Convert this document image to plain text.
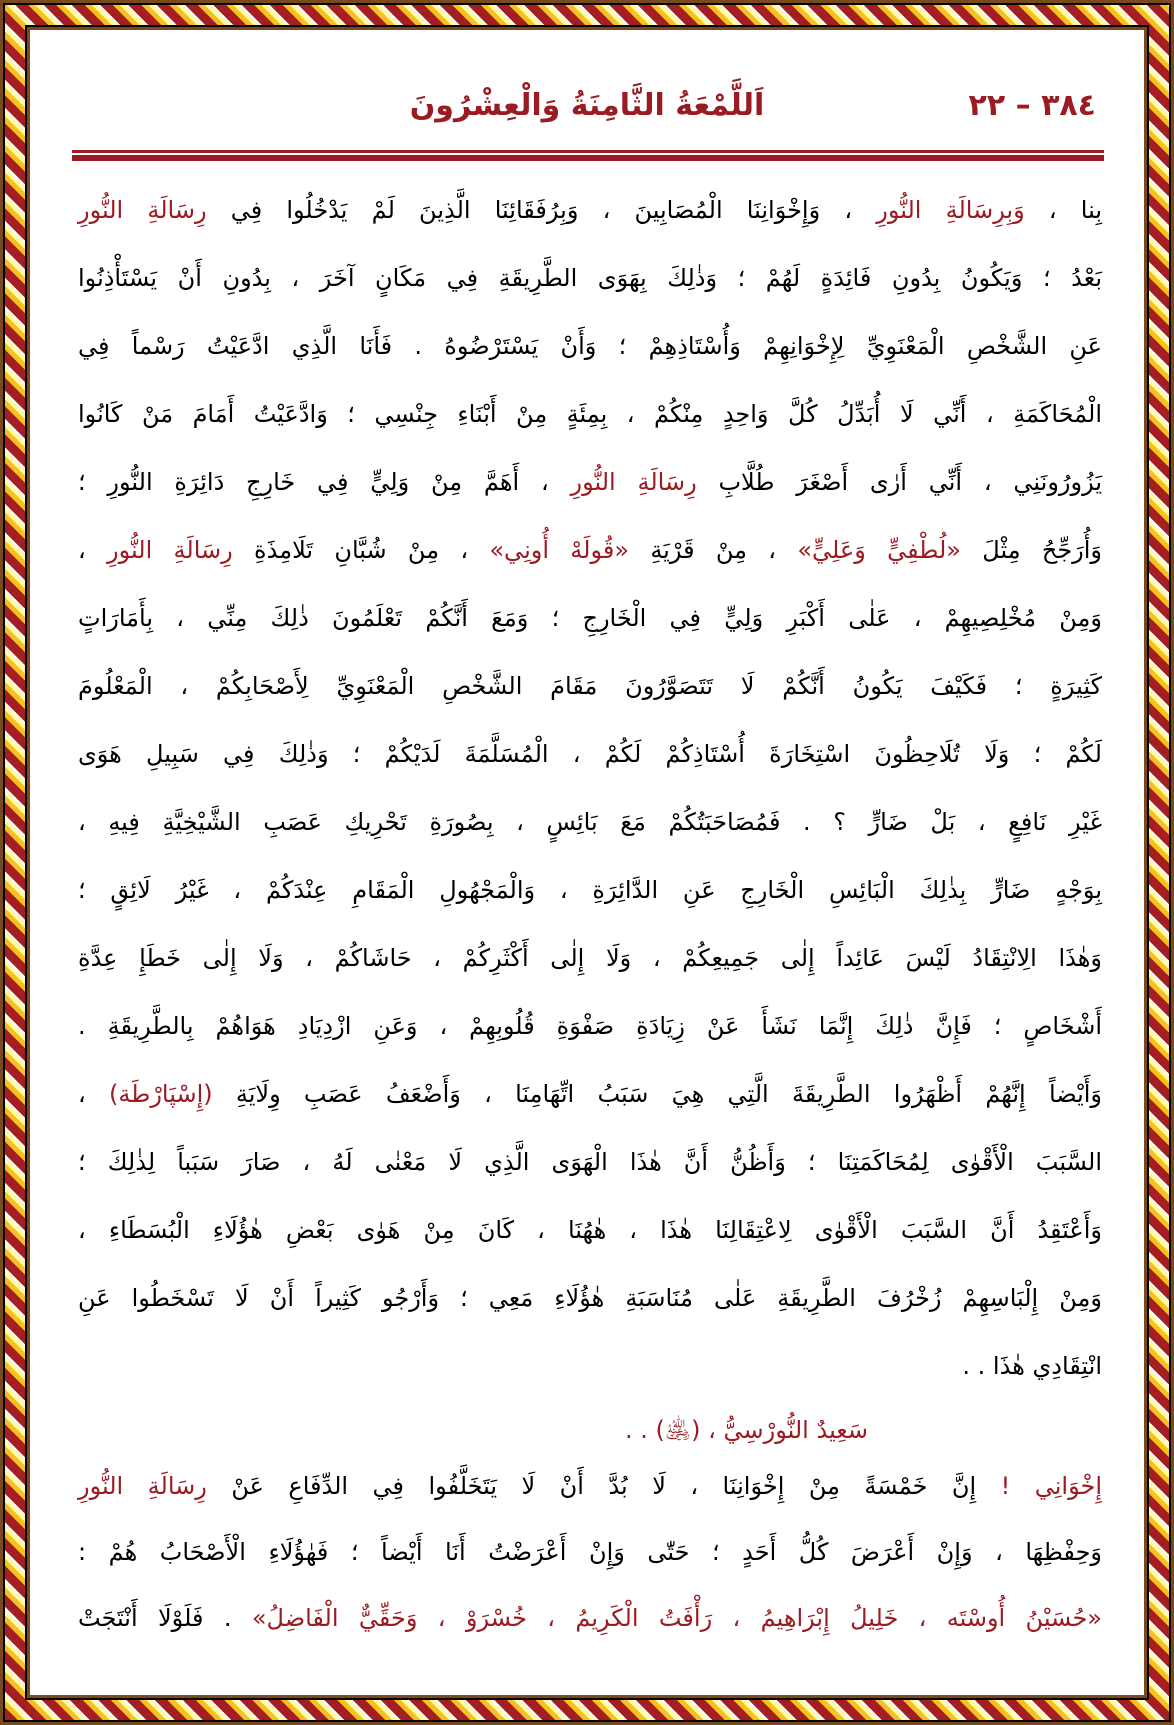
٣٨٤ – ٢٢
اَللَّمْعَةُ الثَّامِنَةُ وَالْعِشْرُونَ
بِنا ، وَبِرِسَالَةِ النُّورِ ، وَإِخْوَانِنَا الْمُصَابِينَ ، وَبِرُفَقَائِنَا الَّذِينَ لَمْ يَدْخُلُوا فِي رِسَالَةِ النُّورِ
بَعْدُ ؛ وَيَكُونُ بِدُونِ فَائِدَةٍ لَهُمْ ؛ وَذٰلِكَ بِهَوَى الطَّرِيقَةِ فِي مَكَانٍ آخَرَ ، بِدُونِ أَنْ يَسْتَأْذِنُوا
عَنِ الشَّخْصِ الْمَعْنَوِيِّ لِإِخْوَانِهِمْ وَأُسْتَاذِهِمْ ؛ وَأَنْ يَسْتَرْضُوهُ . فَأَنَا الَّذِي ادَّعَيْتُ رَسْماً فِي
الْمُحَاكَمَةِ ، أَنِّي لَا أُبَدِّلُ كُلَّ وَاحِدٍ مِنْكُمْ ، بِمِئَةٍ مِنْ أَبْنَاءِ جِنْسِي ؛ وَادَّعَيْتُ أَمَامَ مَنْ كَانُوا
يَزُورُونَنِي ، أَنِّي أَرٰى أَصْغَرَ طُلَّابِ رِسَالَةِ النُّورِ ، أَهَمَّ مِنْ وَلِيٍّ فِي خَارِجِ دَائِرَةِ النُّورِ ؛
وَأُرَجِّحُ مِثْلَ «لُطْفِيٍّ وَعَلِيٍّ» ، مِنْ قَرْيَةِ «قُولَهْ أُونِي» ، مِنْ شُبَّانِ تَلَامِذَةِ رِسَالَةِ النُّورِ ،
وَمِنْ مُخْلِصِيهِمْ ، عَلٰى أَكْبَرِ وَلِيٍّ فِي الْخَارِجِ ؛ وَمَعَ أَنَّكُمْ تَعْلَمُونَ ذٰلِكَ مِنِّي ، بِأَمَارَاتٍ
كَثِيرَةٍ ؛ فَكَيْفَ يَكُونُ أَنَّكُمْ لَا تَتَصَوَّرُونَ مَقَامَ الشَّخْصِ الْمَعْنَوِيِّ لِأَصْحَابِكُمْ ، الْمَعْلُومَ
لَكُمْ ؛ وَلَا تُلَاحِظُونَ اسْتِخَارَةَ أُسْتَاذِكُمْ لَكُمْ ، الْمُسَلَّمَةَ لَدَيْكُمْ ؛ وَذٰلِكَ فِي سَبِيلِ هَوَى
غَيْرِ نَافِعٍ ، بَلْ ضَارٍّ ؟ . فَمُصَاحَبَتُكُمْ مَعَ بَائِسٍ ، بِصُورَةِ تَحْرِيكِ عَصَبِ الشَّيْخِيَّةِ فِيهِ ،
بِوَجْهٍ ضَارٍّ بِذٰلِكَ الْبَائِسِ الْخَارِجِ عَنِ الدَّائِرَةِ ، وَالْمَجْهُولِ الْمَقَامِ عِنْدَكُمْ ، غَيْرُ لَائِقٍ ؛
وَهٰذَا الِانْتِقَادُ لَيْسَ عَائِداً إِلٰى جَمِيعِكُمْ ، وَلَا إِلٰى أَكْثَرِكُمْ ، حَاشَاكُمْ ، وَلَا إِلٰى خَطَإِ عِدَّةِ
أَشْخَاصٍ ؛ فَإِنَّ ذٰلِكَ إِنَّمَا نَشَأَ عَنْ زِيَادَةِ صَفْوَةِ قُلُوبِهِمْ ، وَعَنِ ازْدِيَادِ هَوَاهُمْ بِالطَّرِيقَةِ .
وَأَيْضاً إِنَّهُمْ أَظْهَرُوا الطَّرِيقَةَ الَّتِي هِيَ سَبَبُ اتِّهَامِنَا ، وَأَضْعَفُ عَصَبِ وِلَايَةِ (إِسْپَارْطَة) ،
السَّبَبَ الْأَقْوٰى لِمُحَاكَمَتِنَا ؛ وَأَظُنُّ أَنَّ هٰذَا الْهَوَى الَّذِي لَا مَعْنٰى لَهُ ، صَارَ سَبَباً لِذٰلِكَ ؛
وَأَعْتَقِدُ أَنَّ السَّبَبَ الْأَقْوٰى لِاعْتِقَالِنَا هٰذَا ، هٰهُنَا ، كَانَ مِنْ هَوٰى بَعْضِ هٰؤُلَاءِ الْبُسَطَاءِ ،
وَمِنْ إِلْبَاسِهِمْ زُخْرُفَ الطَّرِيقَةِ عَلٰى مُنَاسَبَةِ هٰؤُلَاءِ مَعِي ؛ وَأَرْجُو كَثِيراً أَنْ لَا تَسْخَطُوا عَنِ
انْتِقَادِي هٰذَا . .
سَعِيدٌ النُّورْسِيُّ ، (﵁) . .
إِخْوَانِي ! إِنَّ خَمْسَةً مِنْ إِخْوَانِنَا ، لَا بُدَّ أَنْ لَا يَتَخَلَّفُوا فِي الدِّفَاعِ عَنْ رِسَالَةِ النُّورِ
وَحِفْظِهَا ، وَإِنْ أَعْرَضَ كُلُّ أَحَدٍ ؛ حَتّٰى وَإِنْ أَعْرَضْتُ أَنَا أَيْضاً ؛ فَهٰؤُلَاءِ الْأَصْحَابُ هُمْ :
«حُسَيْنُ أُوسْتَه ، خَلِيلُ إِبْرَاهِيمُ ، رَأْفَتُ الْكَرِيمُ ، خُسْرَوْ ، وَحَقِّيٌّ الْفَاضِلُ» . فَلَوْلَا أَنْتَجَتْ
